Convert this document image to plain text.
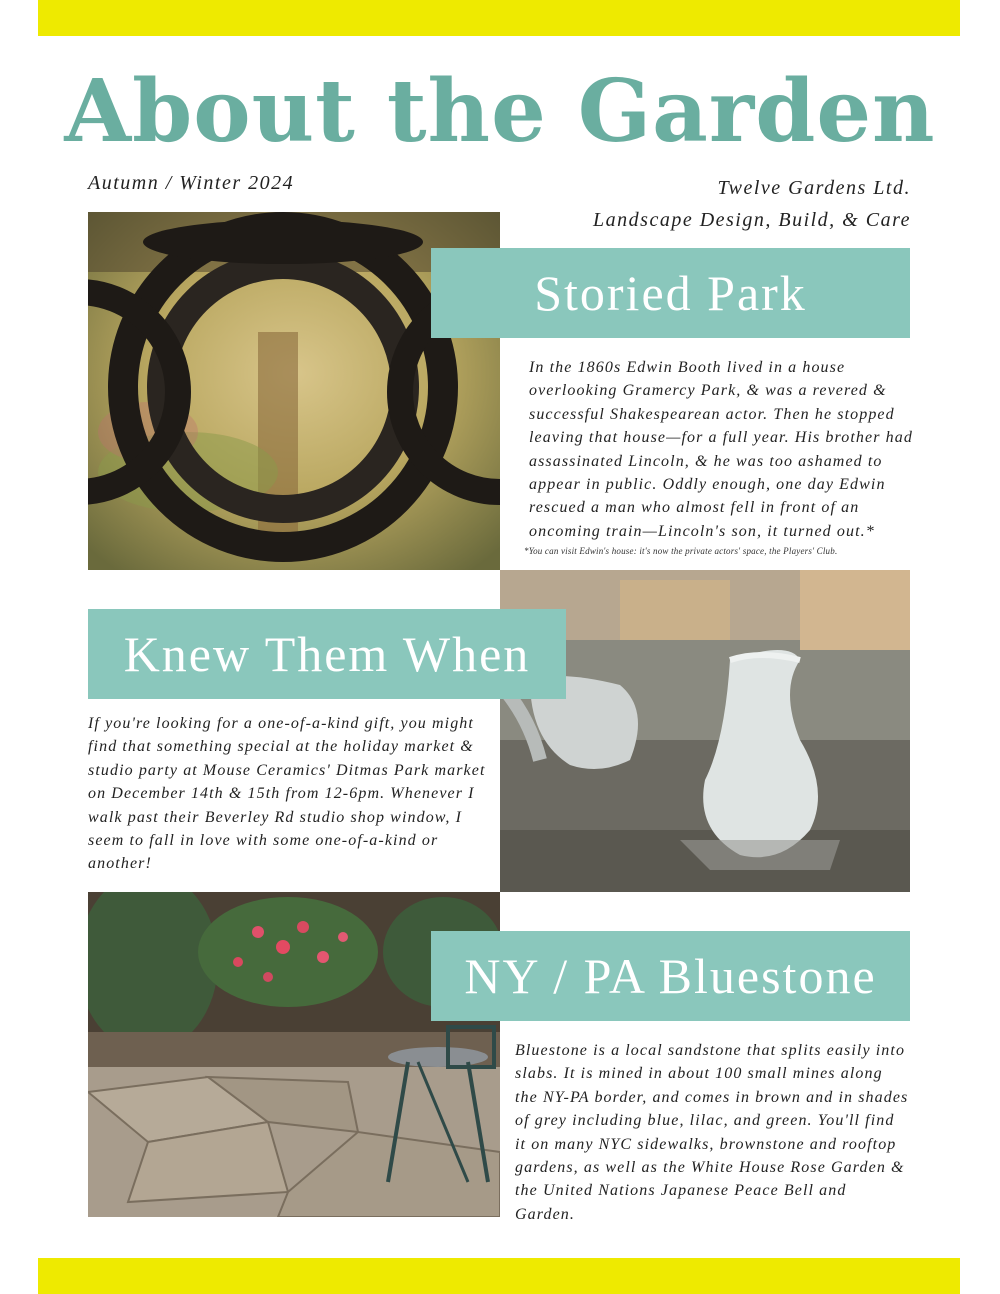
About the Garden
Autumn / Winter 2024	Twelve Gardens Ltd.
Landscape Design, Build, & Care
Storied Park
In the 1860s Edwin Booth lived in a house overlooking Gramercy Park, & was a revered & successful Shakespearean actor. Then he stopped leaving that house—for a full year. His brother had assassinated Lincoln, & he was too ashamed to appear in public. Oddly enough, one day Edwin rescued a man who almost fell in front of an oncoming train—Lincoln's son, it turned out.*
*You can visit Edwin's house: it's now the private actors' space, the Players' Club.
Knew Them When
If you're looking for a one-of-a-kind gift, you might find that something special at the holiday market & studio party at Mouse Ceramics' Ditmas Park market on December 14th & 15th from 12-6pm. Whenever I walk past their Beverley Rd studio shop window, I seem to fall in love with some one-of-a-kind or another!
NY / PA Bluestone
Bluestone is a local sandstone that splits easily into slabs. It is mined in about 100 small mines along the NY-PA border, and comes in brown and in shades of grey including blue, lilac, and green. You'll find it on many NYC sidewalks, brownstone and rooftop gardens, as well as the White House Rose Garden & the United Nations Japanese Peace Bell and Garden.
